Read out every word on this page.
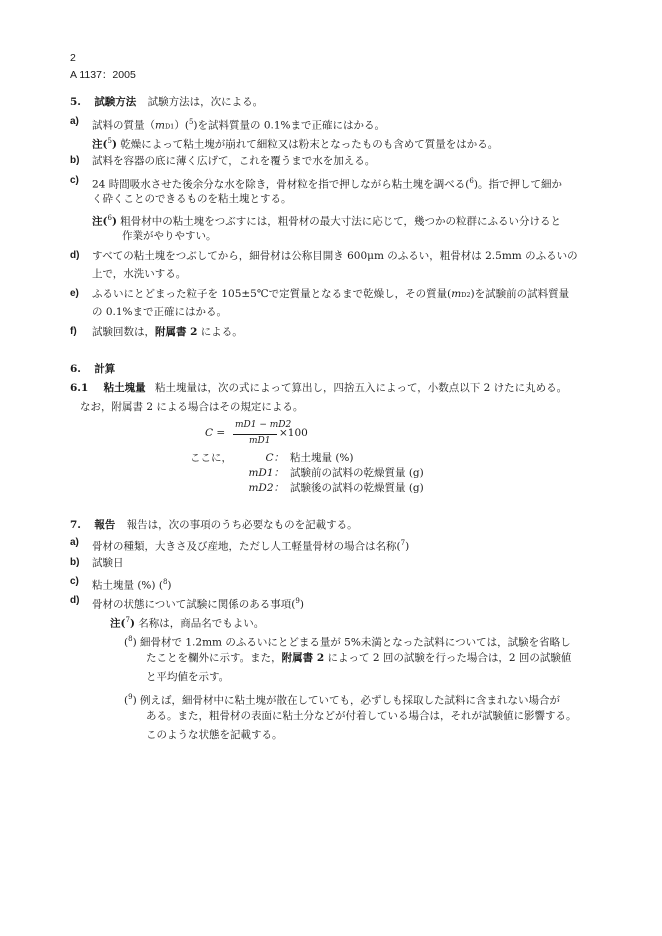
2
A 1137：2005
5. 試験方法 試験方法は，次による。
a) 試料の質量（mD1）($^5$)を試料質量の 0.1%まで正確にはかる。
注($^5$) 乾燥によって粘土塊が崩れて細粒又は粉末となったものも含めて質量をはかる。
b) 試料を容器の底に薄く広げて，これを覆うまで水を加える。
c) 24 時間吸水させた後余分な水を除き，骨材粒を指で押しながら粘土塊を調べる($^6$)。指で押して細か
く砕くことのできるものを粘土塊とする。
注($^6$) 粗骨材中の粘土塊をつぶすには，粗骨材の最大寸法に応じて，幾つかの粒群にふるい分けると
作業がやりやすい。
d) すべての粘土塊をつぶしてから，細骨材は公称目開き 600μm のふるい，粗骨材は 2.5mm のふるいの
上で，水洗いする。
e) ふるいにとどまった粒子を 105±5℃で定質量となるまで乾燥し，その質量(mD2)を試験前の試料質量
の 0.1%まで正確にはかる。
f) 試験回数は，附属書 2 による。
6. 計算
6.1 粘土塊量 粘土塊量は，次の式によって算出し，四捨五入によって，小数点以下 2 けたに丸める。
なお，附属書 2 による場合はその規定による。
C =
mD1 − mD2
mD1
×100
ここに，	C： 粘土塊量 (%)
mD1： 試験前の試料の乾燥質量 (g)
mD2： 試験後の試料の乾燥質量 (g)
7. 報告 報告は，次の事項のうち必要なものを記載する。
a) 骨材の種類，大きさ及び産地，ただし人工軽量骨材の場合は名称($^7$)
b) 試験日
c) 粘土塊量 (%) ($^8$)
d) 骨材の状態について試験に関係のある事項($^9$)
注($^7$) 名称は，商品名でもよい。
($^8$) 細骨材で 1.2mm のふるいにとどまる量が 5%未満となった試料については，試験を省略し
たことを欄外に示す。また，附属書 2 によって 2 回の試験を行った場合は，2 回の試験値
と平均値を示す。
($^9$) 例えば，細骨材中に粘土塊が散在していても，必ずしも採取した試料に含まれない場合が
ある。また，粗骨材の表面に粘土分などが付着している場合は，それが試験値に影響する。
このような状態を記載する。
